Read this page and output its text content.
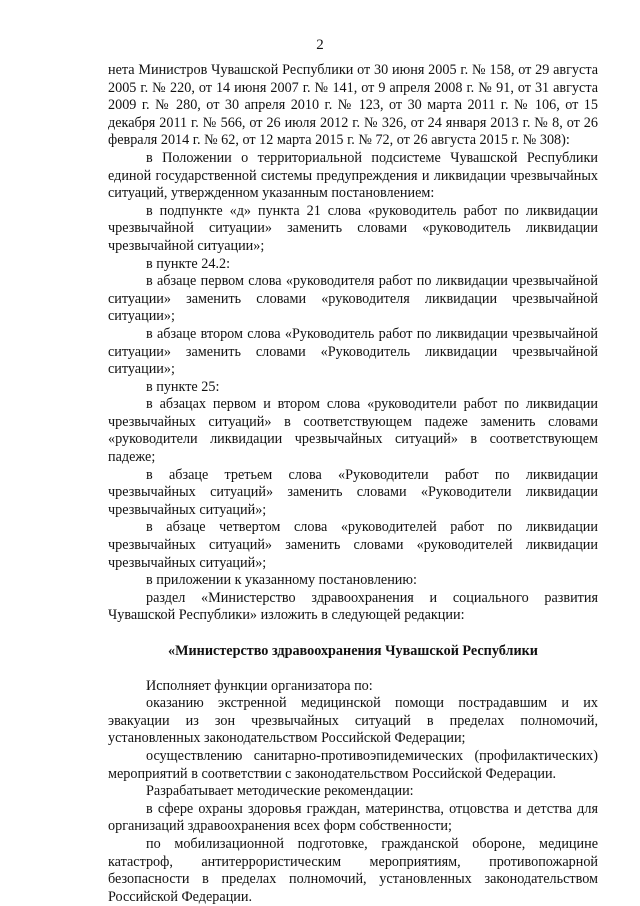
2

нета Министров Чувашской Республики от 30 июня 2005 г. № 158, от 29 августа 2005 г. № 220, от 14 июня 2007 г. № 141, от 9 апреля 2008 г. № 91, от 31 августа 2009 г. № 280, от 30 апреля 2010 г. № 123, от 30 марта 2011 г. № 106, от 15 декабря 2011 г. № 566, от 26 июля 2012 г. № 326, от 24 января 2013 г. № 8, от 26 февраля 2014 г. № 62, от 12 марта 2015 г. № 72, от 26 августа 2015 г. № 308):

в Положении о территориальной подсистеме Чувашской Республики единой государственной системы предупреждения и ликвидации чрезвычайных ситуаций, утвержденном указанным постановлением:

в подпункте «д» пункта 21 слова «руководитель работ по ликвидации чрезвычайной ситуации» заменить словами «руководитель ликвидации чрезвычайной ситуации»;

в пункте 24.2:

в абзаце первом слова «руководителя работ по ликвидации чрезвычайной ситуации» заменить словами «руководителя ликвидации чрезвычайной ситуации»;

в абзаце втором слова «Руководитель работ по ликвидации чрезвычайной ситуации» заменить словами «Руководитель ликвидации чрезвычайной ситуации»;

в пункте 25:

в абзацах первом и втором слова «руководители работ по ликвидации чрезвычайных ситуаций» в соответствующем падеже заменить словами «руководители ликвидации чрезвычайных ситуаций» в соответствующем падеже;

в абзаце третьем слова «Руководители работ по ликвидации чрезвычайных ситуаций» заменить словами «Руководители ликвидации чрезвычайных ситуаций»;

в абзаце четвертом слова «руководителей работ по ликвидации чрезвычайных ситуаций» заменить словами «руководителей ликвидации чрезвычайных ситуаций»;

в приложении к указанному постановлению:

раздел «Министерство здравоохранения и социального развития Чувашской Республики» изложить в следующей редакции:

«Министерство здравоохранения Чувашской Республики

Исполняет функции организатора по:

оказанию экстренной медицинской помощи пострадавшим и их эвакуации из зон чрезвычайных ситуаций в пределах полномочий, установленных законодательством Российской Федерации;

осуществлению санитарно-противоэпидемических (профилактических) мероприятий в соответствии с законодательством Российской Федерации.

Разрабатывает методические рекомендации:

в сфере охраны здоровья граждан, материнства, отцовства и детства для организаций здравоохранения всех форм собственности;

по мобилизационной подготовке, гражданской обороне, медицине катастроф, антитеррористическим мероприятиям, противопожарной безопасности в пределах полномочий, установленных законодательством Российской Федерации.
